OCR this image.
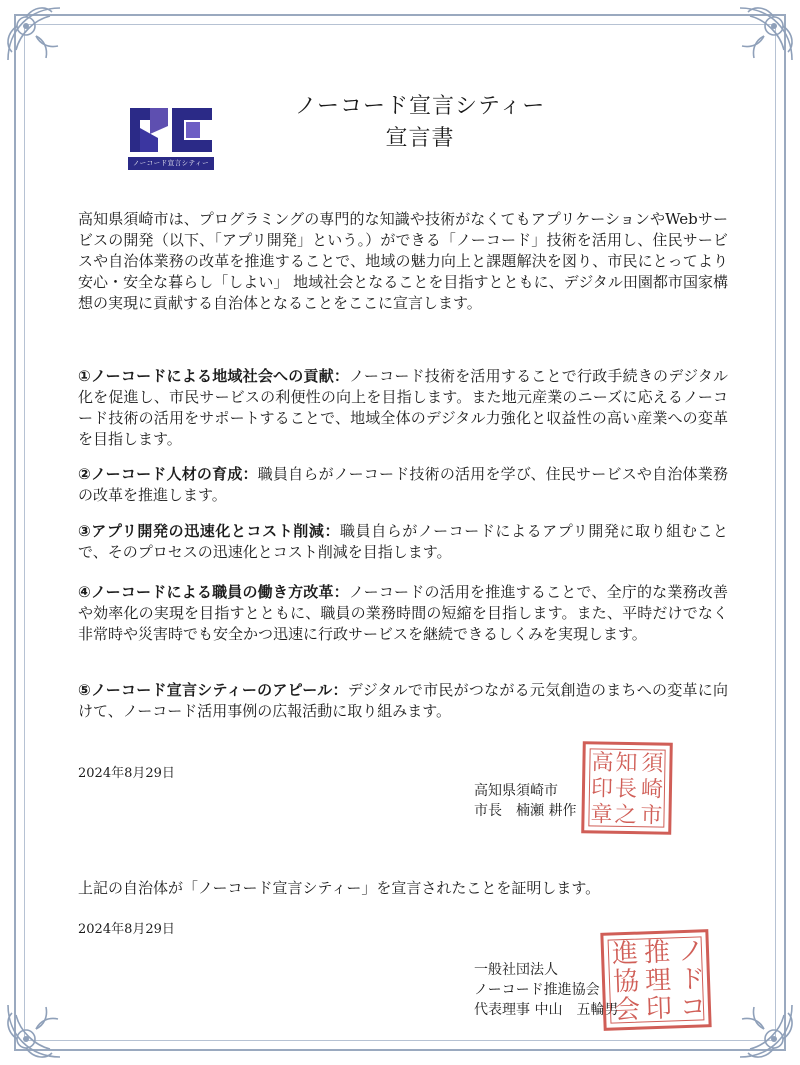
ノーコード宣言シティー
ノーコード宣言シティー
宣言書
高知県須崎市は、プログラミングの専門的な知識や技術がなくてもアプリケーションやWebサービスの開発（以下、「アプリ開発」という。）ができる「ノーコード」技術を活用し、住民サービスや自治体業務の改革を推進することで、地域の魅力向上と課題解決を図り、市民にとってより安心・安全な暮らし「しよい」 地域社会となることを目指すとともに、デジタル田園都市国家構想の実現に貢献する自治体となることをここに宣言します。
①ノーコードによる地域社会への貢献：ノーコード技術を活用することで行政手続きのデジタル化を促進し、市民サービスの利便性の向上を目指します。また地元産業のニーズに応えるノーコード技術の活用をサポートすることで、地域全体のデジタル力強化と収益性の高い産業への変革を目指します。
②ノーコード人材の育成：職員自らがノーコード技術の活用を学び、住民サービスや自治体業務の改革を推進します。
③アプリ開発の迅速化とコスト削減：職員自らがノーコードによるアプリ開発に取り組むことで、そのプロセスの迅速化とコスト削減を目指します。
④ノーコードによる職員の働き方改革：ノーコードの活用を推進することで、全庁的な業務改善や効率化の実現を目指すとともに、職員の業務時間の短縮を目指します。また、平時だけでなく非常時や災害時でも安全かつ迅速に行政サービスを継続できるしくみを実現します。
⑤ノーコード宣言シティーのアピール：デジタルで市民がつながる元気創造のまちへの変革に向けて、ノーコード活用事例の広報活動に取り組みます。
2024年8月29日
高知県須崎市
市長　楠瀬 耕作
須
崎
市
知
長
之
高
印
章
上記の自治体が「ノーコード宣言シティー」を宣言されたことを証明します。
2024年8月29日
一般社団法人
ノーコード推進協会
代表理事 中山　五輪男
ノ
ド
コ
推
理
印
進
協
会
